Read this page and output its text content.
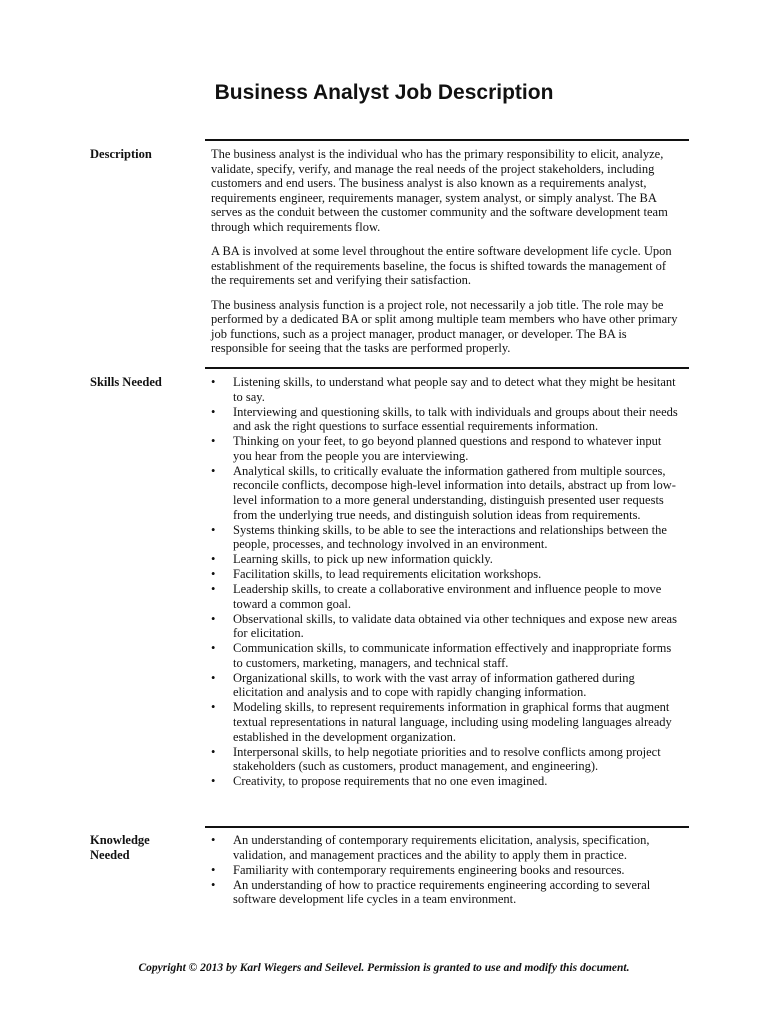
Business Analyst Job Description
Description	The business analyst is the individual who has the primary responsibility to elicit, analyze, validate, specify, verify, and manage the real needs of the project stakeholders, including customers and end users. The business analyst is also known as a requirements analyst, requirements engineer, requirements manager, system analyst, or simply analyst. The BA serves as the conduit between the customer community and the software development team through which requirements flow.

A BA is involved at some level throughout the entire software development life cycle. Upon establishment of the requirements baseline, the focus is shifted towards the management of the requirements set and verifying their satisfaction.

The business analysis function is a project role, not necessarily a job title. The role may be performed by a dedicated BA or split among multiple team members who have other primary job functions, such as a project manager, product manager, or developer. The BA is responsible for seeing that the tasks are performed properly.

Skills Needed	•	Listening skills, to understand what people say and to detect what they might be hesitant to say.
•	Interviewing and questioning skills, to talk with individuals and groups about their needs and ask the right questions to surface essential requirements information.
•	Thinking on your feet, to go beyond planned questions and respond to whatever input you hear from the people you are interviewing.
•	Analytical skills, to critically evaluate the information gathered from multiple sources, reconcile conflicts, decompose high-level information into details, abstract up from low-level information to a more general understanding, distinguish presented user requests from the underlying true needs, and distinguish solution ideas from requirements.
•	Systems thinking skills, to be able to see the interactions and relationships between the people, processes, and technology involved in an environment.
•	Learning skills, to pick up new information quickly.
•	Facilitation skills, to lead requirements elicitation workshops.
•	Leadership skills, to create a collaborative environment and influence people to move toward a common goal.
•	Observational skills, to validate data obtained via other techniques and expose new areas for elicitation.
•	Communication skills, to communicate information effectively and inappropriate forms to customers, marketing, managers, and technical staff.
•	Organizational skills, to work with the vast array of information gathered during elicitation and analysis and to cope with rapidly changing information.
•	Modeling skills, to represent requirements information in graphical forms that augment textual representations in natural language, including using modeling languages already established in the development organization.
•	Interpersonal skills, to help negotiate priorities and to resolve conflicts among project stakeholders (such as customers, product management, and engineering).
•	Creativity, to propose requirements that no one even imagined.
Knowledge
Needed
•	An understanding of contemporary requirements elicitation, analysis, specification, validation, and management practices and the ability to apply them in practice.
•	Familiarity with contemporary requirements engineering books and resources.
•	An understanding of how to practice requirements engineering according to several software development life cycles in a team environment.
Copyright © 2013 by Karl Wiegers and Seilevel. Permission is granted to use and modify this document.
